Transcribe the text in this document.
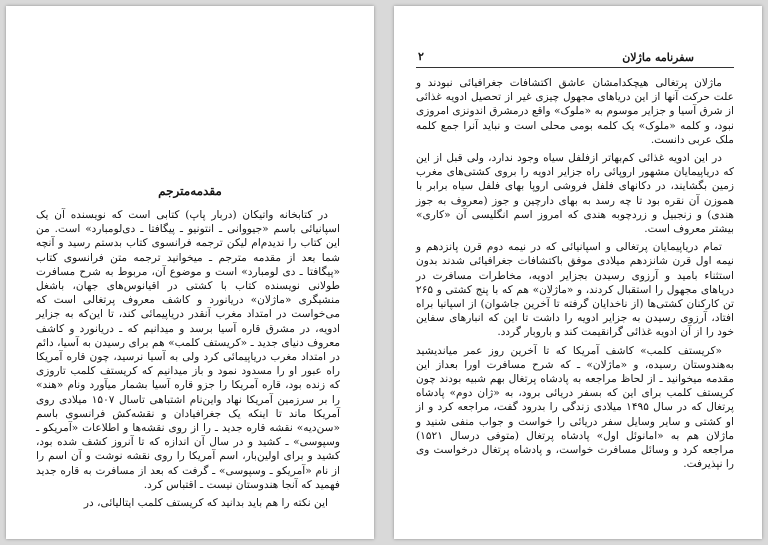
مقدمه‌مترجم

در کتابخانه واتیکان (دربار پاپ) کتابی است که نویسنده آن یک اسپانیائی باسم «جیووانی ـ انتونیو ـ پیگافتا ـ دی‌لومبارد» است. من این کتاب را ندیدم‌ام لیکن ترجمه فرانسوی کتاب بدستم رسید و آنچه شما بعد از مقدمه مترجم ـ میخوانید ترجمه متن فرانسوی کتاب «پیگافتا ـ دی لومبارد» است و موضوع آن، مربوط به شرح مسافرت طولانی نویسنده کتاب با کشتی در اقیانوس‌های جهان، باشغل منشیگری «ماژلان» دریانورد و کاشف معروف پرتغالی است که می‌خواست در امتداد مغرب آنقدر دریاپیمائی کند، تا این‌که به جزایر ادویه، در مشرق قاره آسیا برسد و میدانیم که ـ دریانورد و کاشف معروف دنیای جدید ـ «کریستف کلمب» هم برای رسیدن به آسیا، دائم در امتداد مغرب دریاپیمائی کرد ولی به آسیا نرسید، چون قاره آمریکا راه عبور او را مسدود نمود و باز میدانیم که کریستف کلمب تاروزی که زنده بود، قاره آمریکا را جزو قاره آسیا بشمار میآورد ونام «هند» را بر سرزمین آمریکا نهاد واین‌نام اشتباهی تاسال ۱۵۰۷ میلادی روی آمریکا ماند تا اینکه یک جغرافیادان و نقشه‌کش فرانسوی باسم «سن‌دیه» نقشه قاره جدید ـ را از روی نقشه‌ها و اطلاعات «آمریکو ـ وسپوسی» ـ کشید و در سال آن اندازه که تا آنروز کشف شده بود، کشید و برای اولین‌بار، اسم آمریکا را روی نقشه نوشت و آن اسم را از نام «آمریکو ـ وسپوسی» ـ گرفت که بعد از مسافرت به قاره جدید فهمید که آنجا هندوستان نیست ـ اقتباس کرد.

این نکته را هم باید بدانید که کریستف کلمب ایتالیائی، در

سفرنامه ماژلان
۲

ماژلان پرتغالی هیچکدامشان عاشق اکتشافات جغرافیائی نبودند و علت حرکت آنها از این دریاهای مجهول چیزی غیر از تحصیل ادویه غذائی از شرق آسیا و جزایر موسوم به «ملوک» واقع درمشرق اندونزی امروزی نبود، و کلمه «ملوک» یک کلمه بومی محلی است و نباید آنرا جمع کلمه ملک عربی دانست.

در این ادویه غذائی کم‌بهاتر ازفلفل سیاه وجود ندارد، ولی قبل از این که دریاپیمایان مشهور اروپائی راه جزایر ادویه را بروی کشتی‌های مغرب زمین بگشایند، در دکانهای فلفل فروشی اروپا بهای فلفل سیاه برابر با هموزن آن نقره بود تا چه رسد به بهای دارچین و جوز (معروف به جوز هندی) و زنجبیل و زردچوبه هندی که امروز اسم انگلیسی آن «کاری» بیشتر معروف است.

تمام دریاپیمایان پرتغالی و اسپانیائی که در نیمه دوم قرن پانزدهم و نیمه اول قرن شانزدهم میلادی موفق باکتشافات جغرافیائی شدند بدون استثناء بامید و آرزوی رسیدن بجزایر ادویه، مخاطرات مسافرت در دریاهای مجهول را استقبال کردند، و «ماژلان» هم که با پنج کشتی و ۲۶۵ تن کارکنان کشتی‌ها (از ناخدایان گرفته تا آخرین جاشوان) از اسپانیا براه افتاد، آرزوی رسیدن به جزایر ادویه را داشت تا این که انبارهای سفاین خود را از آن ادویه غذائی گرانقیمت کند و باروبار گردد.

«کریستف کلمب» کاشف آمریکا که تا آخرین روز عمر میاندیشید به‌هندوستان رسیده، و «ماژلان» ـ که شرح مسافرت اورا بعداز این مقدمه میخوانید ـ از لحاظ مراجعه به پادشاه پرتغال بهم شبیه بودند چون کریستف کلمب برای این که بسفر دریائی برود، به «ژان دوم» پادشاه پرتغال که در سال ۱۴۹۵ میلادی زندگی را بدرود گفت، مراجعه کرد و از او کشتی و سایر وسایل سفر دریائی را خواست و جواب منفی شنید و ماژلان هم به «امانوئل اول» پادشاه پرتغال (متوفی درسال ۱۵۲۱) مراجعه کرد و وسائل مسافرت خواست، و پادشاه پرتغال درخواست وی را نپذیرفت.
